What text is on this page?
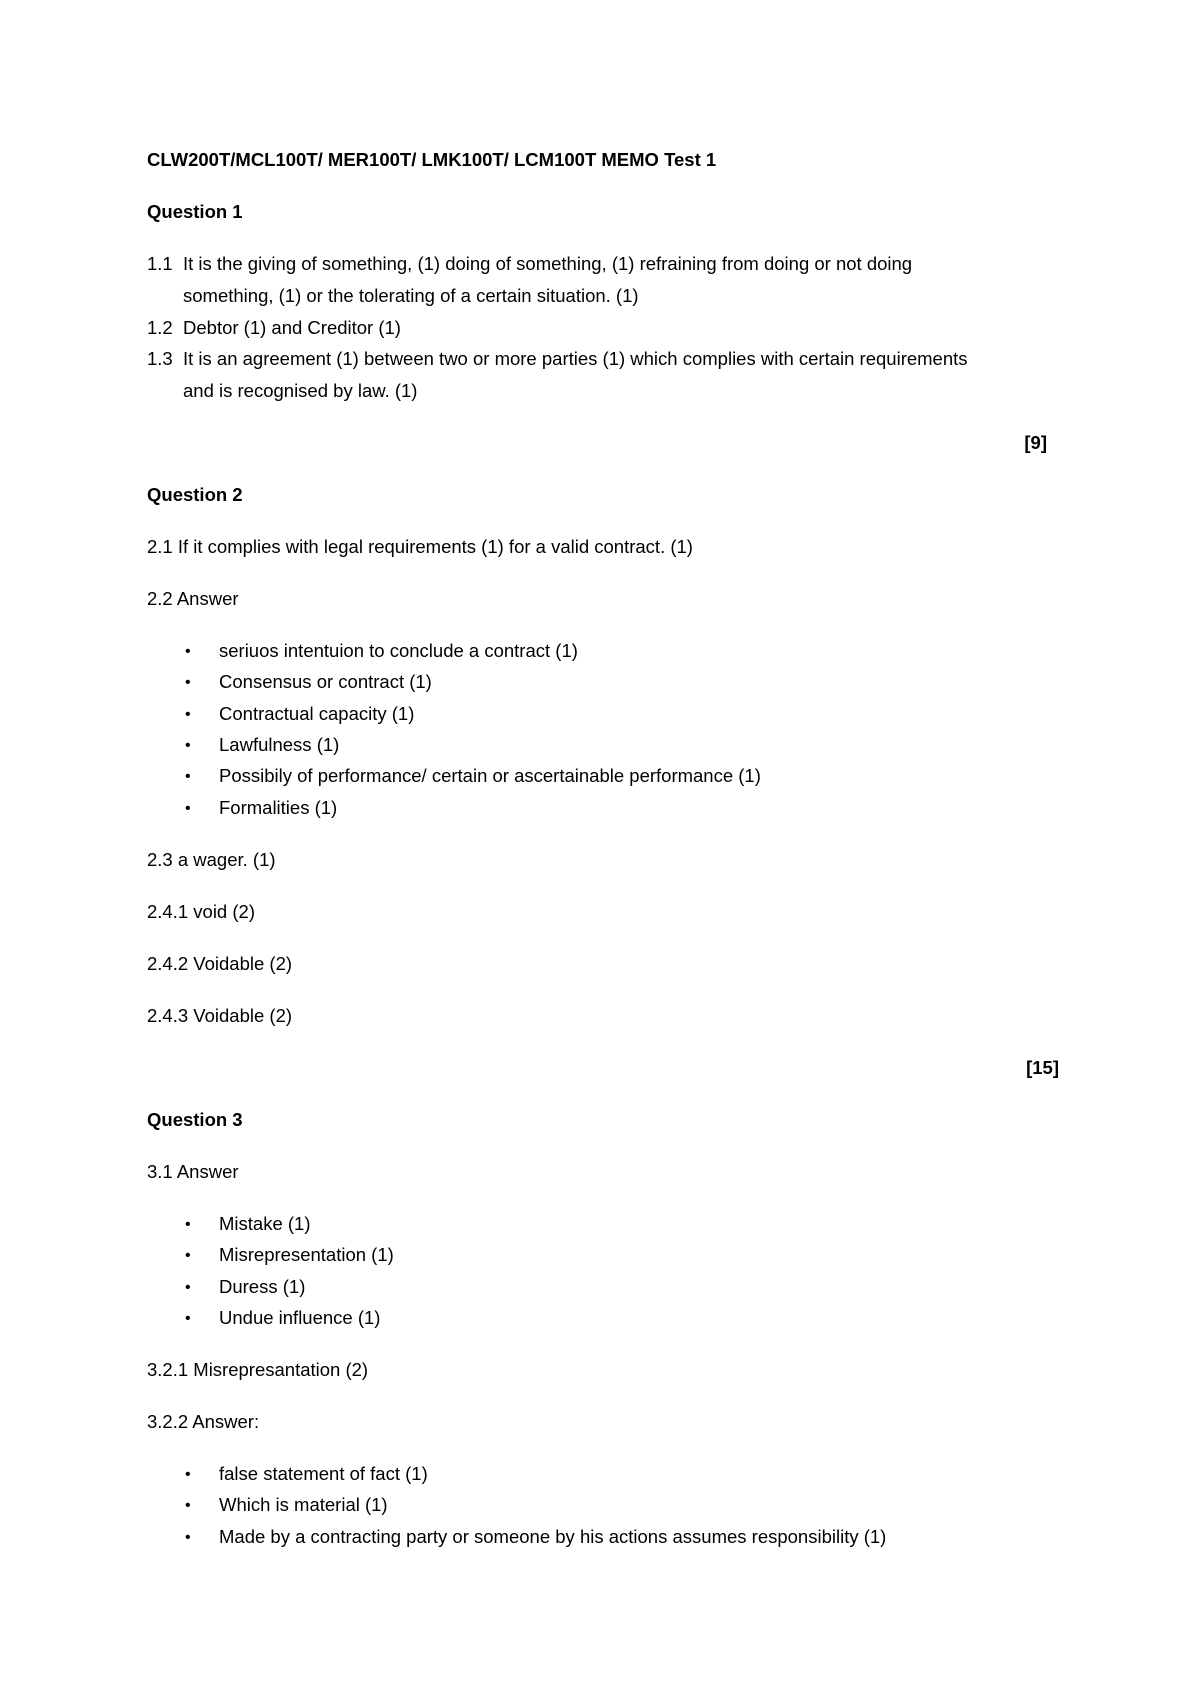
CLW200T/MCL100T/ MER100T/ LMK100T/ LCM100T MEMO Test 1
Question 1
1.1 It is the giving of something, (1) doing of something, (1) refraining from doing or not doing
something, (1) or the tolerating of a certain situation. (1)
1.2 Debtor (1) and Creditor (1)
1.3 It is an agreement (1) between two or more parties (1) which complies with certain requirements
and is recognised by law. (1)
[9]
Question 2
2.1 If it complies with legal requirements (1) for a valid contract. (1)
2.2 Answer
• seriuos intentuion to conclude a contract (1)
• Consensus or contract (1)
• Contractual capacity (1)
• Lawfulness (1)
• Possibily of performance/ certain or ascertainable performance (1)
• Formalities (1)
2.3 a wager. (1)
2.4.1 void (2)
2.4.2 Voidable (2)
2.4.3 Voidable (2)
[15]
Question 3
3.1 Answer
• Mistake (1)
• Misrepresentation (1)
• Duress (1)
• Undue influence (1)
3.2.1 Misrepresantation (2)
3.2.2 Answer:
• false statement of fact (1)
• Which is material (1)
• Made by a contracting party or someone by his actions assumes responsibility (1)
